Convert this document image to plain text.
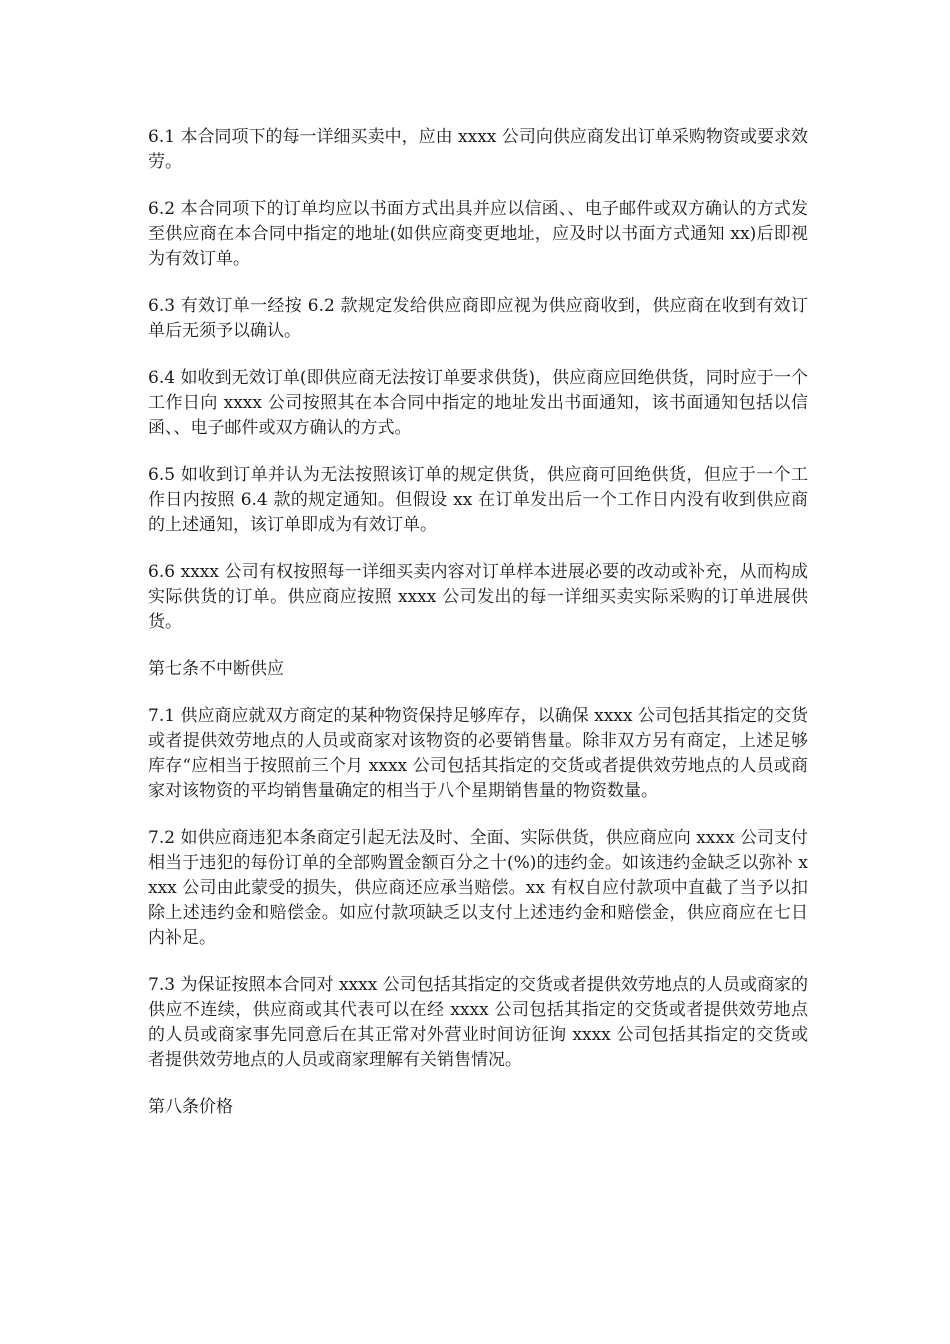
6.1 本合同项下的每一详细买卖中，应由 xxxx 公司向供应商发出订单采购物资或要求效劳。

6.2 本合同项下的订单均应以书面方式出具并应以信函、、电子邮件或双方确认的方式发至供应商在本合同中指定的地址(如供应商变更地址，应及时以书面方式通知 xx)后即视为有效订单。

6.3 有效订单一经按 6.2 款规定发给供应商即应视为供应商收到，供应商在收到有效订单后无须予以确认。

6.4 如收到无效订单(即供应商无法按订单要求供货)，供应商应回绝供货，同时应于一个工作日向 xxxx 公司按照其在本合同中指定的地址发出书面通知，该书面通知包括以信函、、电子邮件或双方确认的方式。

6.5 如收到订单并认为无法按照该订单的规定供货，供应商可回绝供货，但应于一个工作日内按照 6.4 款的规定通知。但假设 xx 在订单发出后一个工作日内没有收到供应商的上述通知，该订单即成为有效订单。

6.6 xxxx 公司有权按照每一详细买卖内容对订单样本进展必要的改动或补充，从而构成实际供货的订单。供应商应按照 xxxx 公司发出的每一详细买卖实际采购的订单进展供货。

第七条不中断供应

7.1 供应商应就双方商定的某种物资保持足够库存，以确保 xxxx 公司包括其指定的交货或者提供效劳地点的人员或商家对该物资的必要销售量。除非双方另有商定，上述足够库存“应相当于按照前三个月 xxxx 公司包括其指定的交货或者提供效劳地点的人员或商家对该物资的平均销售量确定的相当于八个星期销售量的物资数量。

7.2 如供应商违犯本条商定引起无法及时、全面、实际供货，供应商应向 xxxx 公司支付相当于违犯的每份订单的全部购置金额百分之十(%)的违约金。如该违约金缺乏以弥补 xxxx 公司由此蒙受的损失，供应商还应承当赔偿。xx 有权自应付款项中直截了当予以扣除上述违约金和赔偿金。如应付款项缺乏以支付上述违约金和赔偿金，供应商应在七日内补足。

7.3 为保证按照本合同对 xxxx 公司包括其指定的交货或者提供效劳地点的人员或商家的供应不连续，供应商或其代表可以在经 xxxx 公司包括其指定的交货或者提供效劳地点的人员或商家事先同意后在其正常对外营业时间访征询 xxxx 公司包括其指定的交货或者提供效劳地点的人员或商家理解有关销售情况。

第八条价格
